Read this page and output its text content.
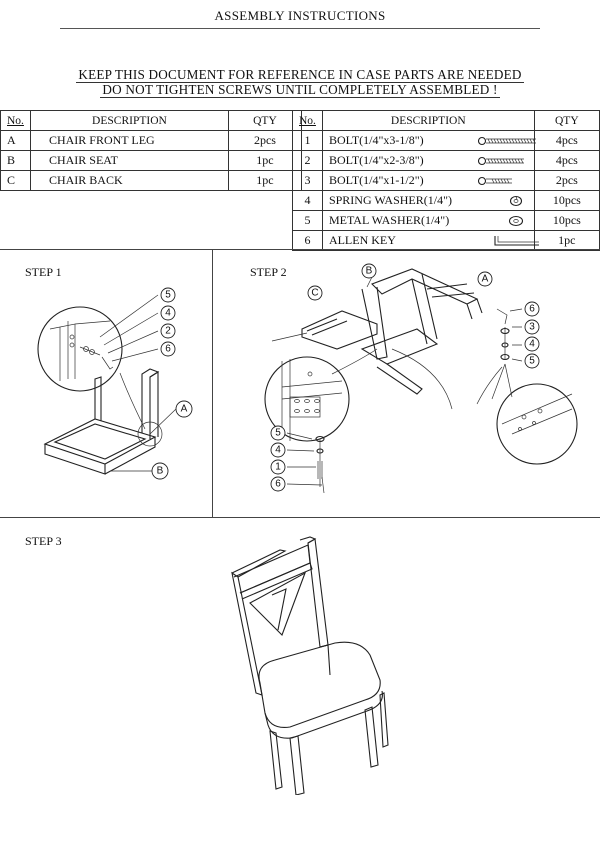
ASSEMBLY INSTRUCTIONS
KEEP THIS DOCUMENT FOR REFERENCE IN CASE PARTS ARE NEEDED
DO NOT TIGHTEN SCREWS UNTIL COMPLETELY ASSEMBLED !
No.	DESCRIPTION	QTY
A	CHAIR FRONT LEG	2pcs
B	CHAIR SEAT	1pc
C	CHAIR BACK	1pc
No.	DESCRIPTION	QTY
1	BOLT(1/4"x3-1/8")	4pcs
2	BOLT(1/4"x2-3/8")	4pcs
3	BOLT(1/4"x1-1/2")	2pcs
4	SPRING WASHER(1/4")	10pcs
5	METAL WASHER(1/4")	10pcs
6	ALLEN KEY	1pc
STEP 1	STEP 2
STEP 3
5
4
2
6
A
B
B
A
C
6
3
4
5
5
4
1
6
